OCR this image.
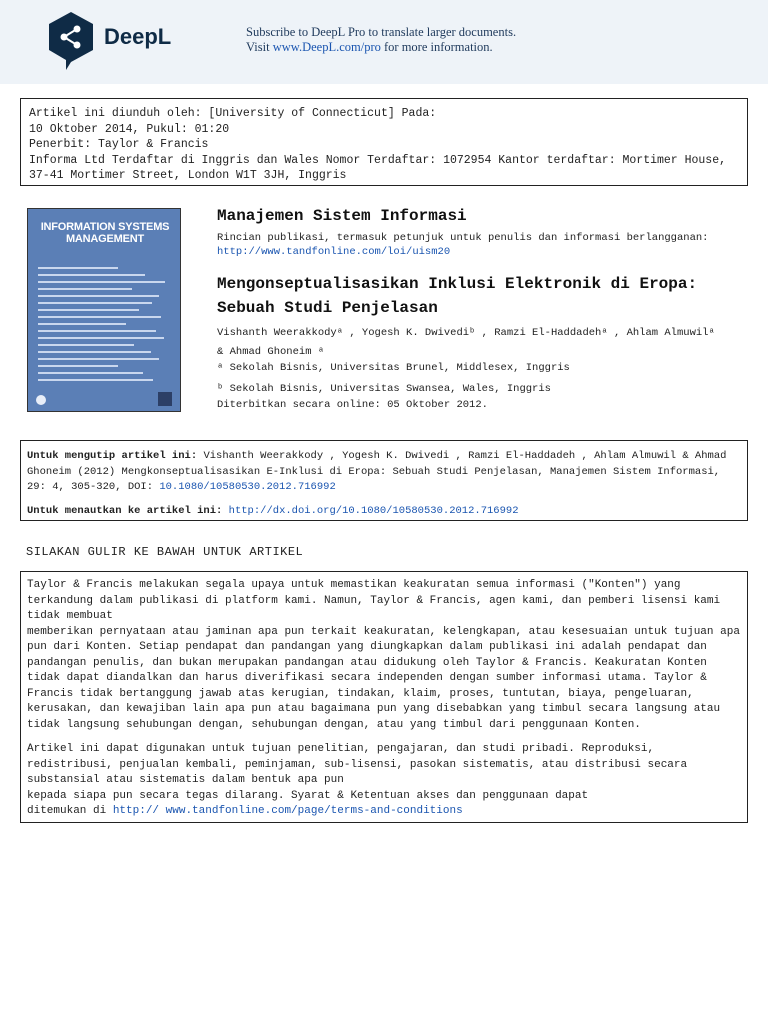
DeepL	Subscribe to DeepL Pro to translate larger documents.
Visit www.DeepL.com/pro for more information.
Artikel ini diunduh oleh: [University of Connecticut] Pada:
10 Oktober 2014, Pukul: 01:20
Penerbit: Taylor & Francis
Informa Ltd Terdaftar di Inggris dan Wales Nomor Terdaftar: 1072954 Kantor terdaftar: Mortimer House,
37-41 Mortimer Street, London W1T 3JH, Inggris
INFORMATION SYSTEMS
MANAGEMENT
Manajemen Sistem Informasi
Rincian publikasi, termasuk petunjuk untuk penulis dan informasi berlangganan:
http://www.tandfonline.com/loi/uism20
Mengonseptualisasikan Inklusi Elektronik di Eropa:
Sebuah Studi Penjelasan
Vishanth Weerakkodyᵃ , Yogesh K. Dwivediᵇ , Ramzi El-Haddadehᵃ , Ahlam Almuwilᵃ
& Ahmad Ghoneim ᵃ
ᵃ Sekolah Bisnis, Universitas Brunel, Middlesex, Inggris
ᵇ Sekolah Bisnis, Universitas Swansea, Wales, Inggris
Diterbitkan secara online: 05 Oktober 2012.
Untuk mengutip artikel ini: Vishanth Weerakkody , Yogesh K. Dwivedi , Ramzi El-Haddadeh , Ahlam Almuwil & Ahmad Ghoneim (2012) Mengkonseptualisasikan E-Inklusi di Eropa: Sebuah Studi Penjelasan, Manajemen Sistem Informasi, 29: 4, 305-320, DOI: 10.1080/10580530.2012.716992
Untuk menautkan ke artikel ini: http://dx.doi.org/10.1080/10580530.2012.716992
SILAKAN GULIR KE BAWAH UNTUK ARTIKEL

Taylor & Francis melakukan segala upaya untuk memastikan keakuratan semua informasi ("Konten") yang terkandung dalam publikasi di platform kami. Namun, Taylor & Francis, agen kami, dan pemberi lisensi kami tidak membuat
memberikan pernyataan atau jaminan apa pun terkait keakuratan, kelengkapan, atau kesesuaian untuk tujuan apa pun dari Konten. Setiap pendapat dan pandangan yang diungkapkan dalam publikasi ini adalah pendapat dan pandangan penulis, dan bukan merupakan pandangan atau didukung oleh Taylor & Francis. Keakuratan Konten tidak dapat diandalkan dan harus diverifikasi secara independen dengan sumber informasi utama. Taylor & Francis tidak bertanggung jawab atas kerugian, tindakan, klaim, proses, tuntutan, biaya, pengeluaran, kerusakan, dan kewajiban lain apa pun atau bagaimana pun yang disebabkan yang timbul secara langsung atau tidak langsung sehubungan dengan, sehubungan dengan, atau yang timbul dari penggunaan Konten.

Artikel ini dapat digunakan untuk tujuan penelitian, pengajaran, dan studi pribadi. Reproduksi, redistribusi, penjualan kembali, peminjaman, sub-lisensi, pasokan sistematis, atau distribusi secara substansial atau sistematis dalam bentuk apa pun
kepada siapa pun secara tegas dilarang. Syarat & Ketentuan akses dan penggunaan dapat
ditemukan di http:// www.tandfonline.com/page/terms-and-conditions
